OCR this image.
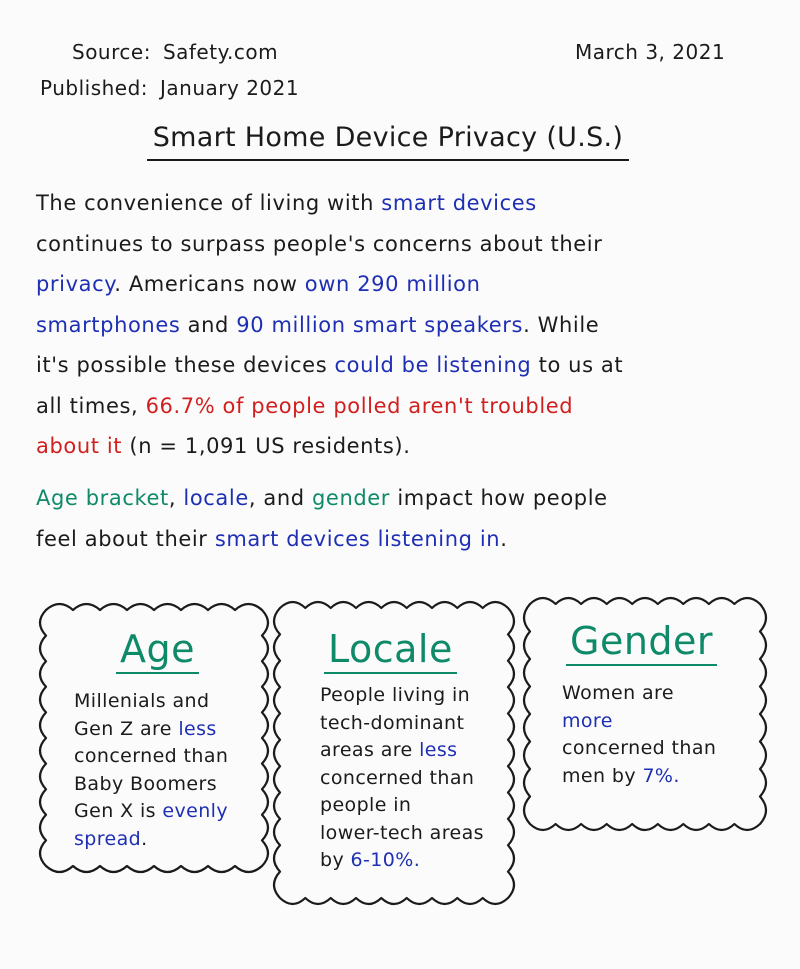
Source: Safety.com
Published: January 2021
March 3, 2021
Smart Home Device Privacy (U.S.)
The convenience of living with smart devices
continues to surpass people's concerns about their
privacy. Americans now own 290 million
smartphones and 90 million smart speakers. While
it's possible these devices could be listening to us at
all times, 66.7% of people polled aren't troubled
about it (n = 1,091 US residents).
Age bracket, locale, and gender impact how people
feel about their smart devices listening in.
Age
Millenials and
Gen Z are less
concerned than
Baby Boomers
Gen X is evenly
spread.
Locale
People living in
tech-dominant
areas are less
concerned than
people in
lower-tech areas
by 6-10%.
Gender
Women are
more
concerned than
men by 7%.
